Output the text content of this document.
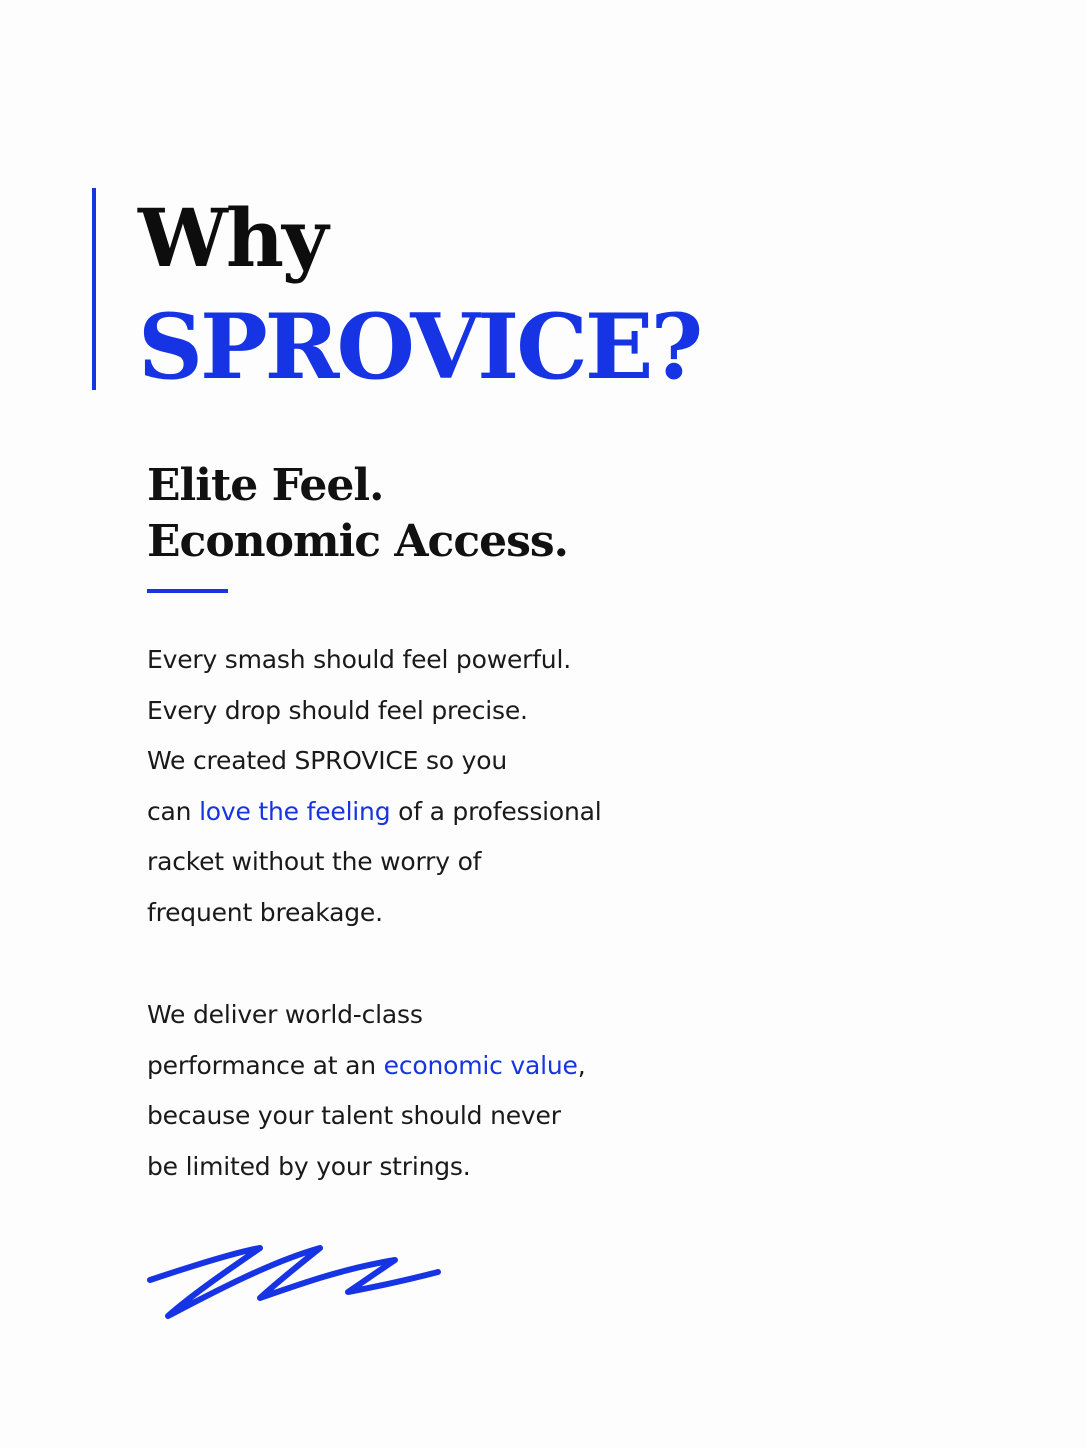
Why
SPROVICE?
Elite Feel.
Economic Access.
Every smash should feel powerful.
Every drop should feel precise.
We created SPROVICE so you
can love the feeling of a professional
racket without the worry of
frequent breakage.
We deliver world-class
performance at an economic value,
because your talent should never
be limited by your strings.
